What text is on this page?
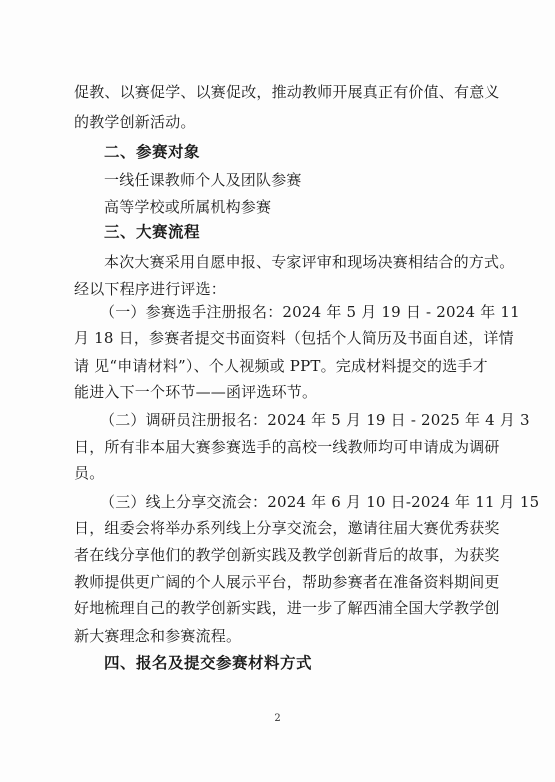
促教、以赛促学、以赛促改，推动教师开展真正有价值、有意义
的教学创新活动。
二、参赛对象
一线任课教师个人及团队参赛
高等学校或所属机构参赛
三、大赛流程
本次大赛采用自愿申报、专家评审和现场决赛相结合的方式。
经以下程序进行评选：
（一）参赛选手注册报名：2024 年 5 月 19 日 - 2024 年 11
月 18 日，参赛者提交书面资料（包括个人简历及书面自述，详情
请 见“申请材料”）、个人视频或 PPT。完成材料提交的选手才
能进入下一个环节——函评选环节。
（二）调研员注册报名：2024 年 5 月 19 日 - 2025 年 4 月 3
日，所有非本届大赛参赛选手的高校一线教师均可申请成为调研
员。
（三）线上分享交流会：2024 年 6 月 10 日-2024 年 11 月 15
日，组委会将举办系列线上分享交流会，邀请往届大赛优秀获奖
者在线分享他们的教学创新实践及教学创新背后的故事，为获奖
教师提供更广阔的个人展示平台，帮助参赛者在准备资料期间更
好地梳理自己的教学创新实践，进一步了解西浦全国大学教学创
新大赛理念和参赛流程。
四、报名及提交参赛材料方式
2
